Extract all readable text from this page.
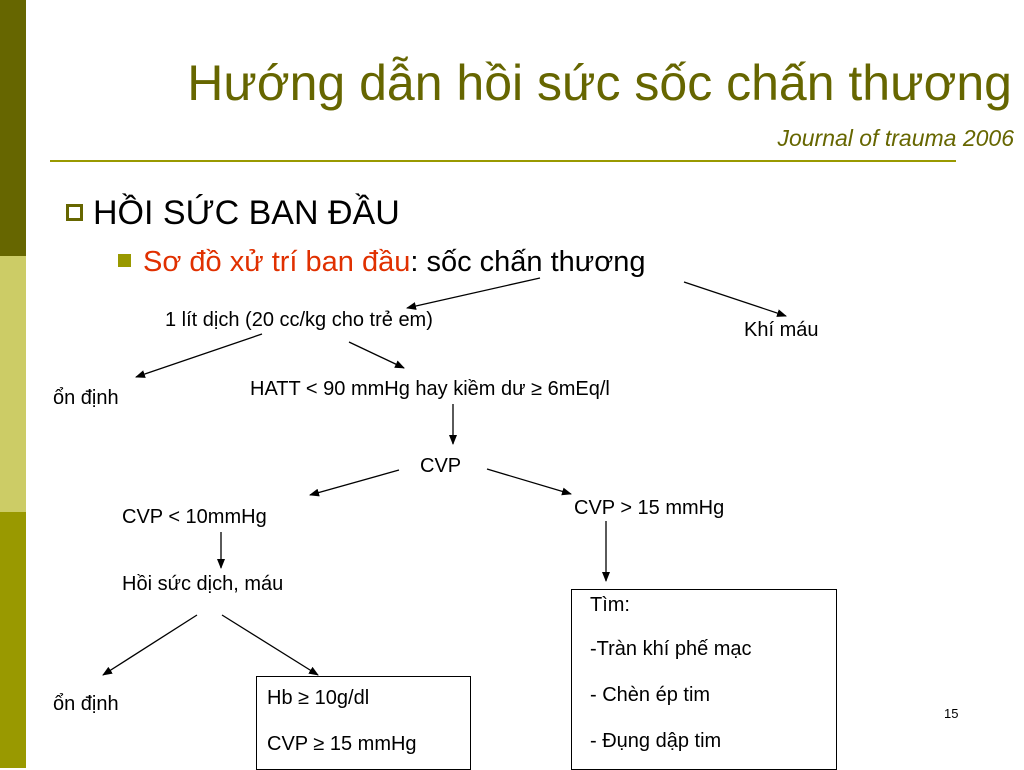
Hướng dẫn hồi sức sốc chấn thương
Journal of trauma 2006
HỒI SỨC BAN ĐẦU
Sơ đồ xử trí ban đầu: sốc chấn thương
1 lít dịch (20 cc/kg cho trẻ em)	Khí máu
ổn định	HATT < 90 mmHg hay kiềm dư ≥ 6mEq/l
CVP
CVP < 10mmHg	CVP > 15 mmHg
Hồi sức dịch, máu
ổn định	Hb ≥ 10g/dl
CVP ≥ 15 mmHg
Tìm:
-Tràn khí phế mạc
- Chèn ép tim
- Đụng dập tim
15
